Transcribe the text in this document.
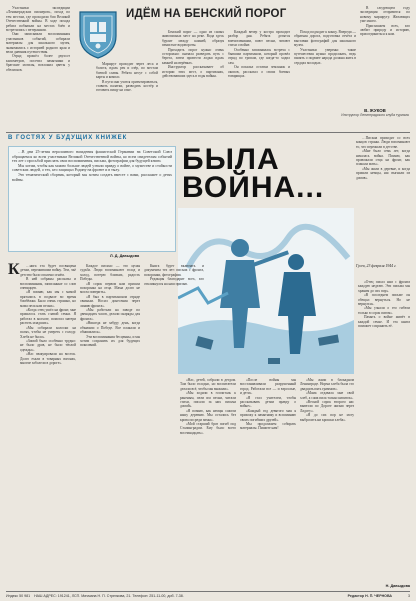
Участники экспедиции «Ленинградских пионеров», поход по тем местам, где проходили бои Великой Отечественной войны. В ходе похода ребята побывали на местах боёв и встретились с ветеранами.

Они записывали воспоминания участников событий, собирали материалы для школьного музея, знакомились с историей родного края и вели дневник путешествия.

Отряд прошёл более двухсот километров, посетил памятники и братские могилы, возложил цветы у обелисков.

ИДЁМ НА БЕНСКИЙ ПОРОГ

Маршрут проходит через леса и болота, вдоль рек и озёр, по местам боевой славы. Ребята несут с собой карты и компас.

В пути они учатся ориентироваться, ставить палатки, разводить костёр и готовить пищу на огне.

Бенский порог — одно из самых живописных мест на реке. Вода здесь бурлит между камней, образуя пенистые водовороты.

Проходить порог нужно очень осторожно: сначала разведать путь с берега, затем провести лодки вдоль камней на верёвках.

Инструктор рассказывает об истории этих мест, о партизанах, действовавших здесь в годы войны.

Каждый вечер у костра проходит разбор дня. Ребята делятся впечатлениями, поют песни, читают стихи о войне.

Особенно запомнилась встреча с бывшим партизаном, который провёл отряд по тропам, где когда-то ходил сам.

Он показал остатки землянок и окопов, рассказал о своих боевых товарищах.

Поход подходит к концу. Впереди — обратная дорога, подготовка отчёта и выставки фотографий для школьного музея.

Участники уверены: такие путешествия нужно продолжать, ведь память о подвиге народа должна жить в сердцах молодых.

В следующем году экспедиция отправится по новому маршруту. Желающих уже много.

Приглашаем всех, кто любит природу и историю, присоединиться к нам.

В. ЖУКОВ
Инструктор Ленинградского клуба туризма
В ГОСТЯХ У БУДУЩИХ КНИЖЕК

…В дни 25-летия вероломного нападения фашистской Германии на Советский Союз обращаемся ко всем участникам Великой Отечественной войны, ко всем свидетелям событий тех лет с просьбой прислать свои воспоминания, письма, фотографии для будущей книги.

Мы хотим, чтобы как можно больше людей узнали правду о войне, о мужестве и стойкости советских людей, о тех, кто защищал Родину на фронте и в тылу.

Это тематический сборник, который мы хотим создать вместе с вами, расскажет о детях войны.

Л. Д. Давыдова
БЫЛА
ВОЙНА...

…Письма приходят со всех концов страны. Люди вспоминают то, что пережили в детстве.

«Мне было семь лет, когда началась война. Помню, как провожали отца на фронт, как плакала мать».

«Мы жили в деревне, и когда пришли немцы, нас выгнали из домов».

Гусев, 23 февраля 1944 г.
К	…нига эта будет посвящена детям, пережившим войну. Тем, чьё детство было опалено огнём.

В ней собраны рассказы и воспоминания, записанные со слов очевидцев.

«Я помню, как мы с мамой прятались в подвале во время бомбёжки. Было очень страшно, но мама пела нам песни».

«Когда отец ушёл на фронт, мне пришлось стать главой семьи. Я работал в колхозе, помогал матери растить младших».

«Мы собирали колоски на полях, чтобы не умереть с голоду. Хлеба не было».

«Зимой было особенно трудно: не было дров, не было тёплой одежды».

«Нас эвакуировали на восток. Долго ехали в товарных вагонах, многие заболели в дороге».

Каждое письмо — это целая судьба. Люди вспоминают голод и холод, потерю близких, радость Победы.

«В сорок первом нам пришла похоронка на отца. Мама долго не могла поверить».

«Я был в партизанском отряде связным. Носил донесения через линию фронта».

«Мы работали на заводе по двенадцать часов, делали снаряды для фронта».

«Никогда не забуду день, когда объявили о Победе. Все плакали и обнимались».

Эти воспоминания бесценны, и мы хотим сохранить их для будущих поколений.

Книга будет включать и документы тех лет: письма с фронта, похоронки, фотографии.

Редакция благодарит всех, кто откликнулся на наш призыв.

«Нас, детей, собрали в детдом. Там было голодно, но воспитатели делали всё, чтобы мы выжили».

«Мы ходили в госпиталь к раненым, пели им песни, читали стихи, писали за них письма домой».

«Я помню, как немцы сожгли нашу деревню. Мы остались без крова посреди зимы».

«Мой старший брат погиб под Сталинградом. Ему было всего восемнадцать».

«После войны мы восстанавливали разрушенный город. Работали все — и взрослые, и дети».

«Я стал учителем, чтобы рассказывать детям правду о войне».

«Каждый год девятого мая я прихожу к памятнику и вспоминаю своих погибших друзей».

Мы продолжаем собирать материалы. Пишите нам!

«Мы жили в блокадном Ленинграде. Норма хлеба была сто двадцать пять граммов».

«Мама отдавала мне свой хлеб, а сама пила только кипяток».

«Весной сорок второго нас вывезли по Дороге жизни через Ладогу».

«Я до сих пор не могу выбросить ни крошки хлеба».

«Отец писал нам с фронта каждую неделю. Эти письма мы храним до сих пор».

«В последнем письме он обещал вернуться. Но не вернулся».

«Мы узнали о его гибели только в сорок пятом».

Память о войне живёт в каждой семье. И эта книга поможет сохранить её.

Н. Давыдова
Индекс 50 981 НАШ АДРЕС: 191241, ЛСП. Мичмана Н. П. Стрелкова, 21. Телефон: 251-11-00, доб. 7-38.	Редактор Н. П. ЧЕРНОВА	3
